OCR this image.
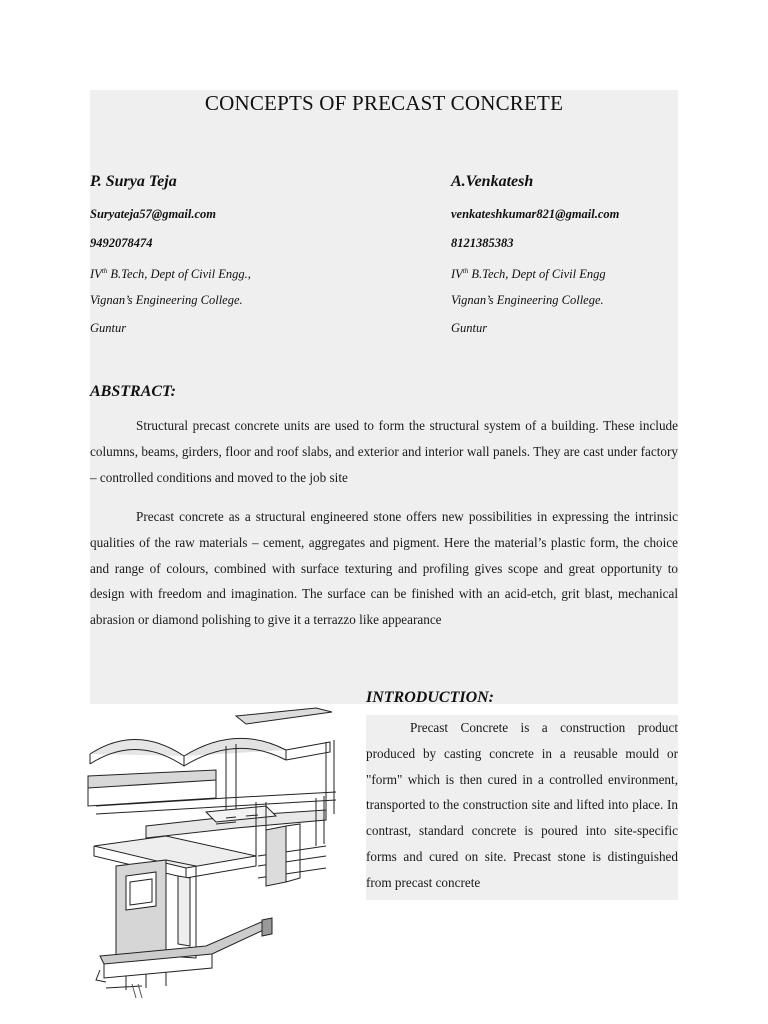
CONCEPTS OF PRECAST CONCRETE

P. Surya Teja

Suryateja57@gmail.com

9492078474

IVth B.Tech, Dept of Civil Engg.,

Vignan’s Engineering College.

Guntur

A.Venkatesh

venkateshkumar821@gmail.com

8121385383

IVth B.Tech, Dept of Civil Engg

Vignan’s Engineering College.

Guntur

ABSTRACT:

Structural precast concrete units are used to form the structural system of a building. These include columns, beams, girders, floor and roof slabs, and exterior and interior wall panels. They are cast under factory – controlled conditions and moved to the job site

Precast concrete as a structural engineered stone offers new possibilities in expressing the intrinsic qualities of the raw materials – cement, aggregates and pigment. Here the material’s plastic form, the choice and range of colours, combined with surface texturing and profiling gives scope and great opportunity to design with freedom and imagination. The surface can be finished with an acid-etch, grit blast, mechanical abrasion or diamond polishing to give it a terrazzo like appearance

INTRODUCTION:

Precast Concrete is a construction product produced by casting concrete in a reusable mould or "form" which is then cured in a controlled environment, transported to the construction site and lifted into place. In contrast, standard concrete is poured into site-specific forms and cured on site. Precast stone is distinguished from precast concrete
